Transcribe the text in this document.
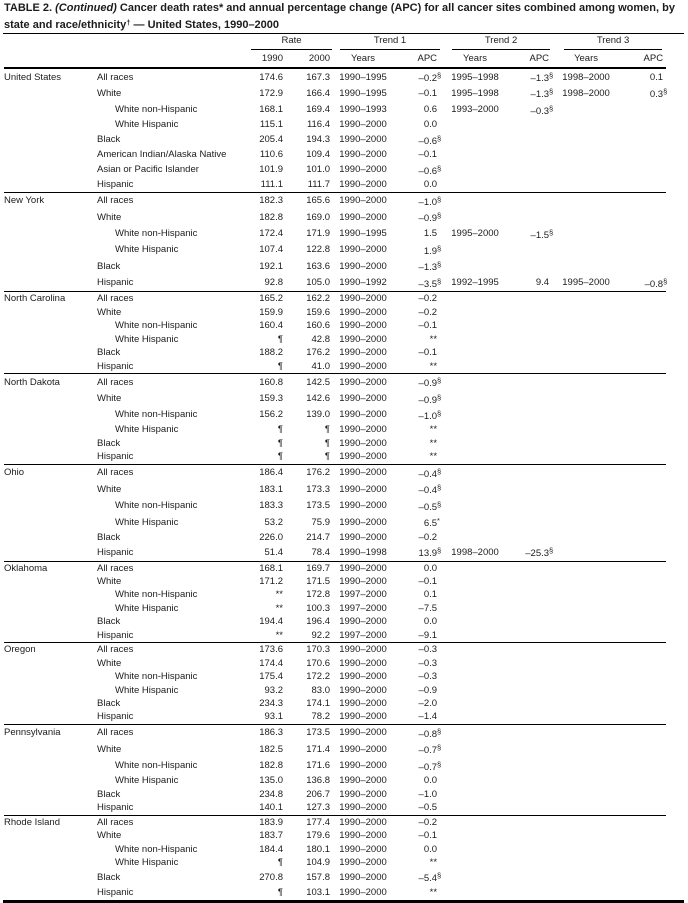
TABLE 2. (Continued) Cancer death rates* and annual percentage change (APC) for all cancer sites combined among women, by state and race/ethnicity† — United States, 1990–2000

		Rate		Trend 1		Trend 2		Trend 3	

		1990	2000	Years	APC	Years	APC	Years	APC
United States	All races	174.6	167.3	1990–1995	–0.2§	1995–1998	–1.3§	1998–2000	0.1
	White	172.9	166.4	1990–1995	–0.1	1995–1998	–1.3§	1998–2000	0.3§
	White non-Hispanic	168.1	169.4	1990–1993	0.6	1993–2000	–0.3§		
	White Hispanic	115.1	116.4	1990–2000	0.0				
	Black	205.4	194.3	1990–2000	–0.6§				
	American Indian/Alaska Native	110.6	109.4	1990–2000	–0.1				
	Asian or Pacific Islander	101.9	101.0	1990–2000	–0.6§				
	Hispanic	111.1	111.7	1990–2000	0.0				
New York	All races	182.3	165.6	1990–2000	–1.0§				
	White	182.8	169.0	1990–2000	–0.9§				
	White non-Hispanic	172.4	171.9	1990–1995	1.5	1995–2000	–1.5§		
	White Hispanic	107.4	122.8	1990–2000	1.9§				
	Black	192.1	163.6	1990–2000	–1.3§				
	Hispanic	92.8	105.0	1990–1992	–3.5§	1992–1995	9.4	1995–2000	–0.8§
North Carolina	All races	165.2	162.2	1990–2000	–0.2				
	White	159.9	159.6	1990–2000	–0.2				
	White non-Hispanic	160.4	160.6	1990–2000	–0.1				
	White Hispanic	¶	42.8	1990–2000	**				
	Black	188.2	176.2	1990–2000	–0.1				
	Hispanic	¶	41.0	1990–2000	**				
North Dakota	All races	160.8	142.5	1990–2000	–0.9§				
	White	159.3	142.6	1990–2000	–0.9§				
	White non-Hispanic	156.2	139.0	1990–2000	–1.0§				
	White Hispanic	¶	¶	1990–2000	**				
	Black	¶	¶	1990–2000	**				
	Hispanic	¶	¶	1990–2000	**				
Ohio	All races	186.4	176.2	1990–2000	–0.4§				
	White	183.1	173.3	1990–2000	–0.4§				
	White non-Hispanic	183.3	173.5	1990–2000	–0.5§				
	White Hispanic	53.2	75.9	1990–2000	6.5*				
	Black	226.0	214.7	1990–2000	–0.2				
	Hispanic	51.4	78.4	1990–1998	13.9§	1998–2000	–25.3§		
Oklahoma	All races	168.1	169.7	1990–2000	0.0				
	White	171.2	171.5	1990–2000	–0.1				
	White non-Hispanic	**	172.8	1997–2000	0.1				
	White Hispanic	**	100.3	1997–2000	–7.5				
	Black	194.4	196.4	1990–2000	0.0				
	Hispanic	**	92.2	1997–2000	–9.1				
Oregon	All races	173.6	170.3	1990–2000	–0.3				
	White	174.4	170.6	1990–2000	–0.3				
	White non-Hispanic	175.4	172.2	1990–2000	–0.3				
	White Hispanic	93.2	83.0	1990–2000	–0.9				
	Black	234.3	174.1	1990–2000	–2.0				
	Hispanic	93.1	78.2	1990–2000	–1.4				
Pennsylvania	All races	186.3	173.5	1990–2000	–0.8§				
	White	182.5	171.4	1990–2000	–0.7§				
	White non-Hispanic	182.8	171.6	1990–2000	–0.7§				
	White Hispanic	135.0	136.8	1990–2000	0.0				
	Black	234.8	206.7	1990–2000	–1.0				
	Hispanic	140.1	127.3	1990–2000	–0.5				
Rhode Island	All races	183.9	177.4	1990–2000	–0.2				
	White	183.7	179.6	1990–2000	–0.1				
	White non-Hispanic	184.4	180.1	1990–2000	0.0				
	White Hispanic	¶	104.9	1990–2000	**				
	Black	270.8	157.8	1990–2000	–5.4§				
	Hispanic	¶	103.1	1990–2000	**				
